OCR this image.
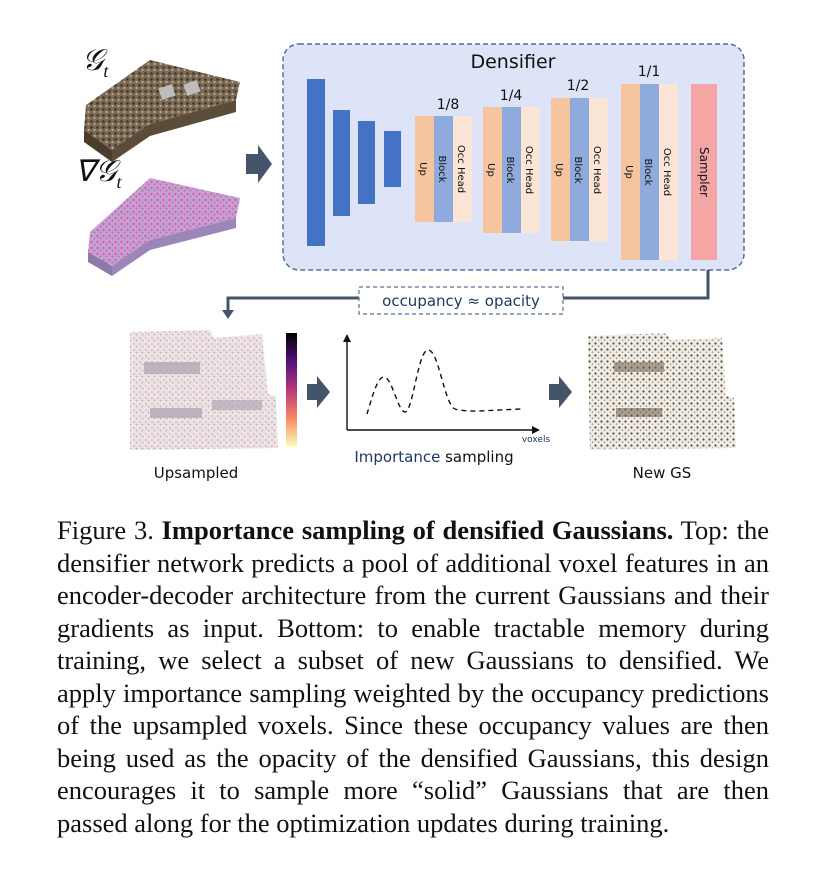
𝒢$_t$
∇𝒢$_t$
Densifier
1/8
Up Block Occ Head
1/4
Up Block Occ Head
1/2
Up Block Occ Head
1/1
Up Block Occ Head Sampler
occupancy ≈ opacity
Upsampled
voxels
Importance sampling
New GS
Figure 3. Importance sampling of densified Gaussians. Top: the densifier network predicts a pool of additional voxel features in an encoder-decoder architecture from the current Gaussians and their gradients as input. Bottom: to enable tractable memory during training, we select a subset of new Gaussians to densified. We apply importance sampling weighted by the occupancy predictions of the upsampled voxels. Since these occupancy values are then being used as the opacity of the densified Gaussians, this design encourages it to sample more “solid” Gaussians that are then passed along for the optimization updates during training.
